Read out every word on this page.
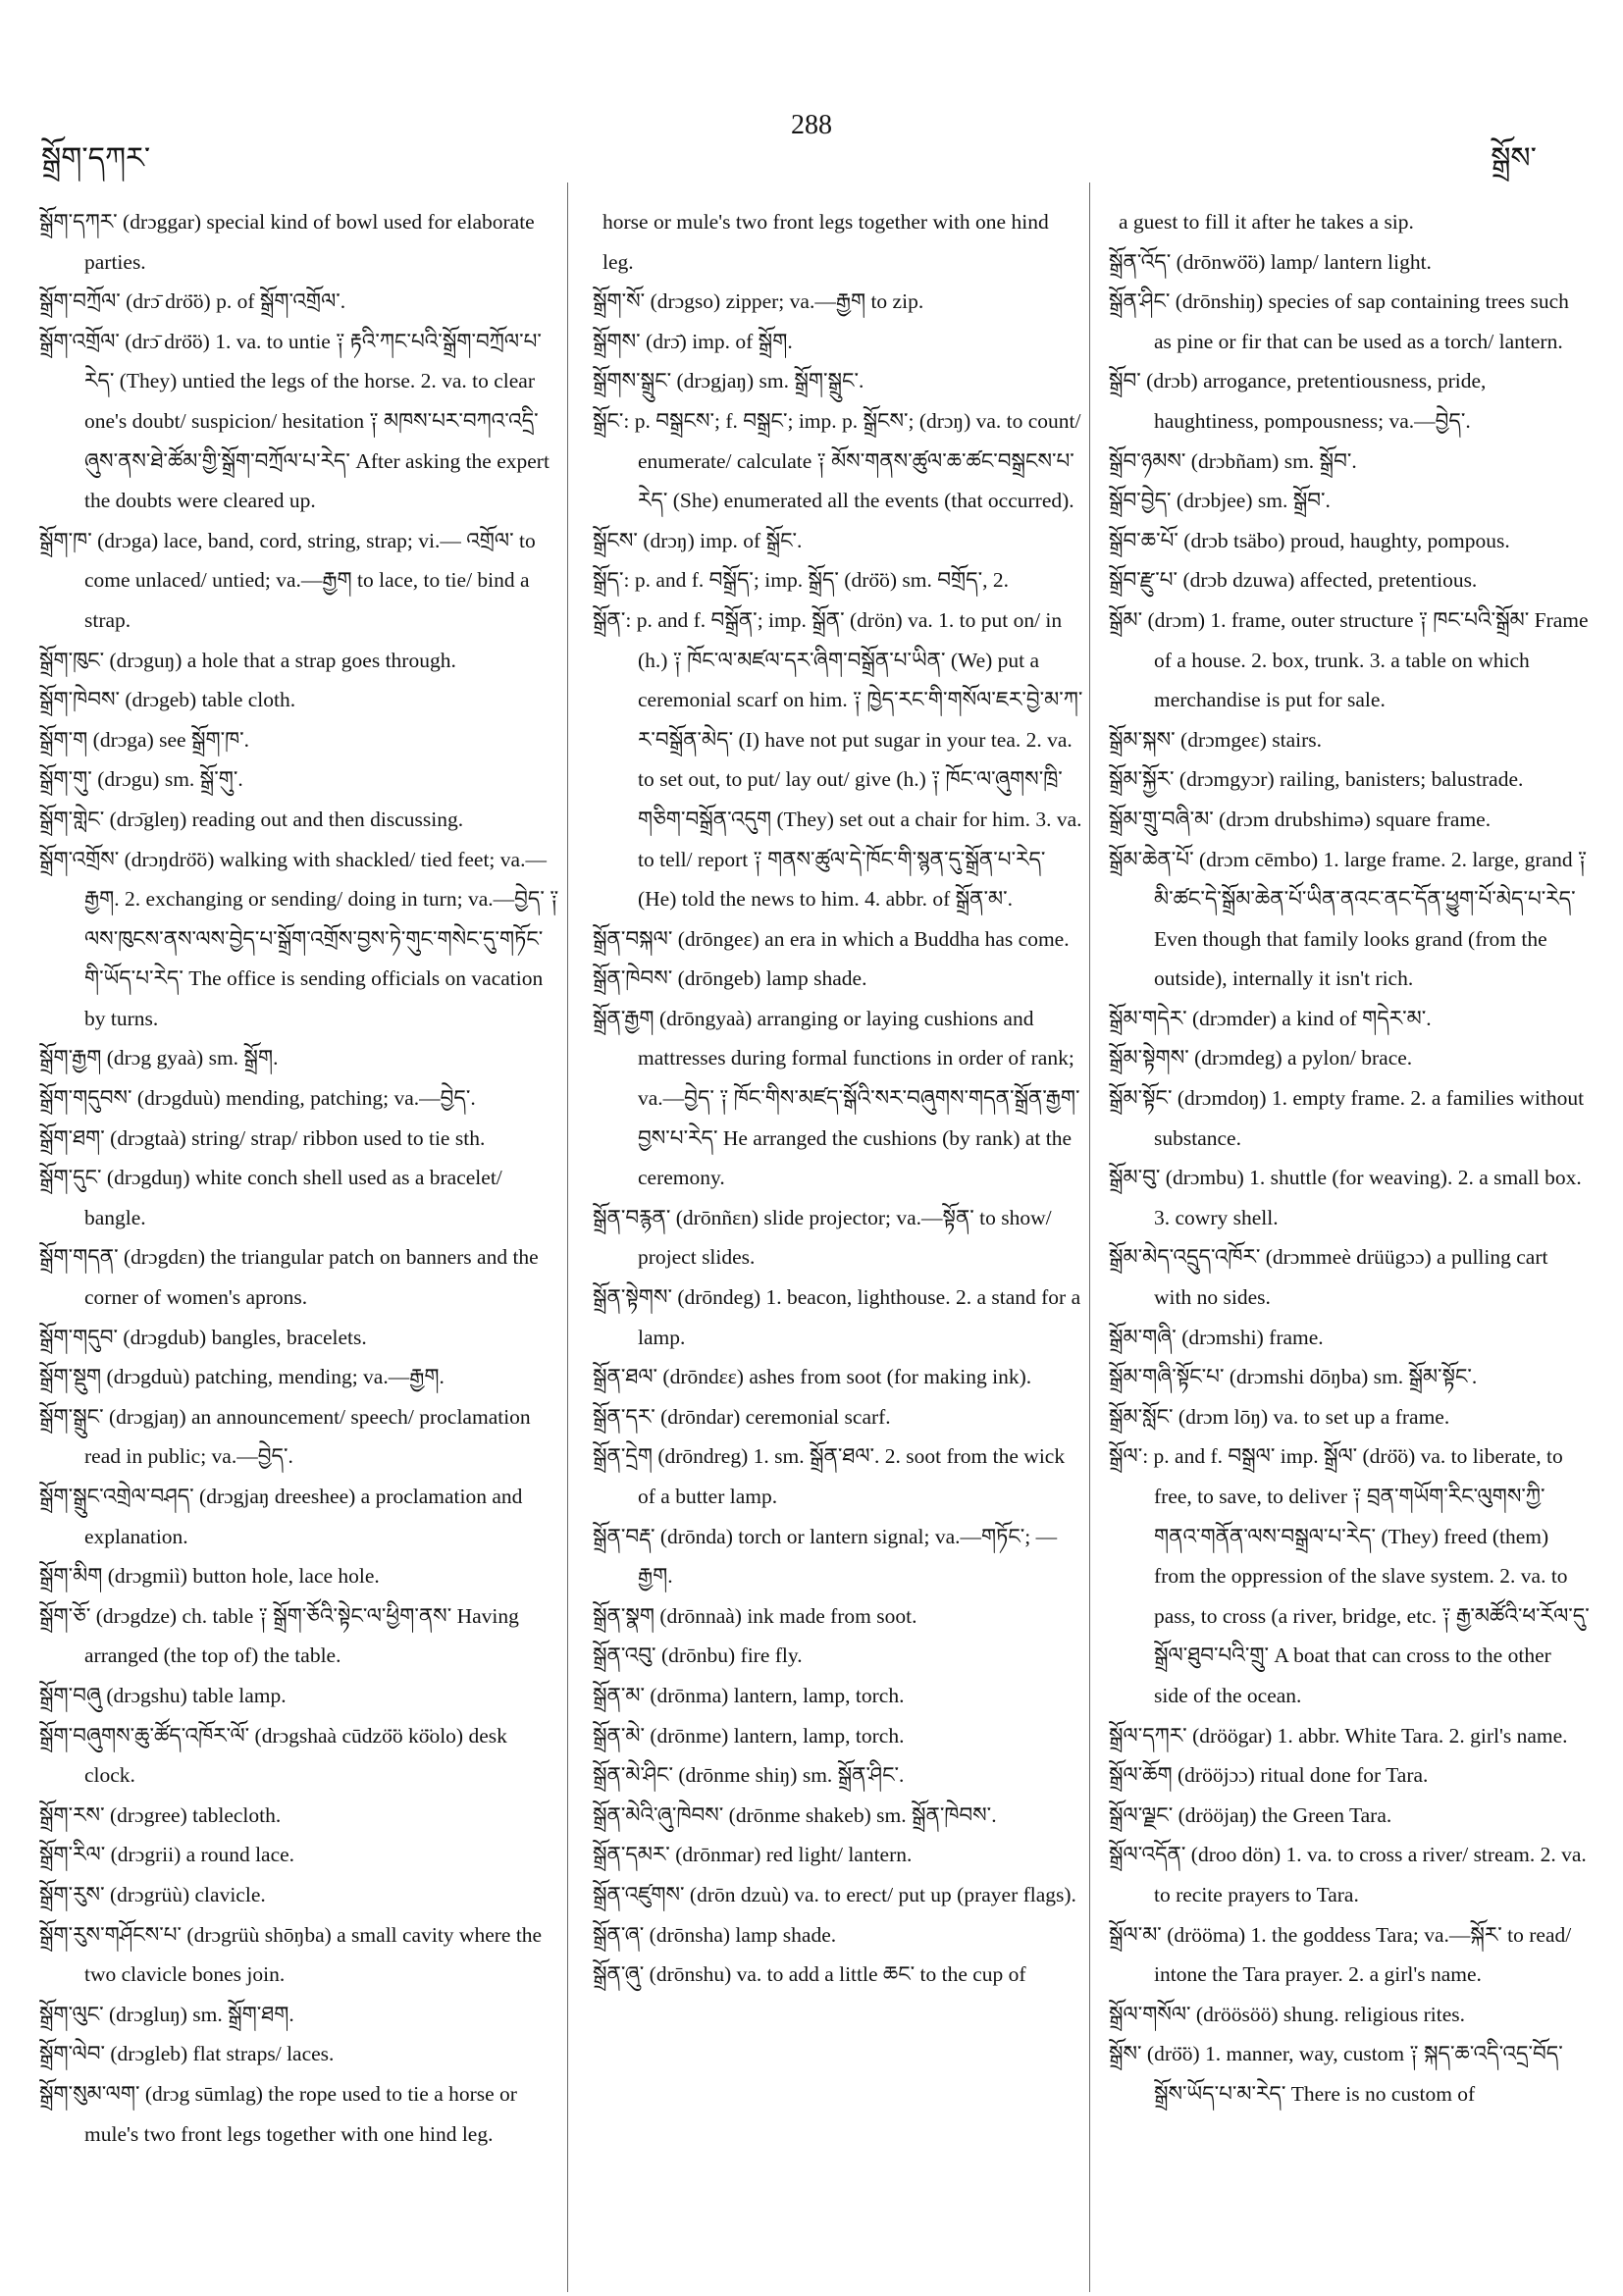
སྒྲོག་དཀར་
288
སྒྲོས་

སྒྲོག་དཀར་ (drɔggar) special kind of bowl used for elaborate parties.

སྒྲོག་བཀྲོལ་ (drɔ̄ drö̈ö) p. of སྒྲོག་འགྲོལ་.

སྒྲོག་འགྲོལ་ (drɔ̄ drö̈ö) 1. va. to untie ༑ རྟའི་ཀང་པའི་སྒྲོག་བཀྲོལ་པ་རེད་ (They) untied the legs of the horse. 2. va. to clear one's doubt/ suspicion/ hesitation ༑ མཁས་པར་བཀའ་འདྲི་ཞུས་ནས་ཐེ་ཚོམ་གྱི་སྒྲོག་བཀྲོལ་པ་རེད་ After asking the expert the doubts were cleared up.

སྒྲོག་ཁ་ (drɔga) lace, band, cord, string, strap; vi.— འགྲོལ་ to come unlaced/ untied; va.—རྒྱག to lace, to tie/ bind a strap.

སྒྲོག་ཁུང་ (drɔguŋ) a hole that a strap goes through.

སྒྲོག་ཁེབས་ (drɔgeb) table cloth.

སྒྲོག་ག (drɔga) see སྒྲོག་ཁ་.

སྒྲོག་གུ་ (drɔgu) sm. སྒྲོ་གུ་.

སྒྲོག་གླེང་ (drɔ̄gleŋ) reading out and then discussing.

སྒྲོག་འགྲོས་ (drɔŋdrö̈ö) walking with shackled/ tied feet; va.—རྒྱག. 2. exchanging or sending/ doing in turn; va.—བྱེད་ ༑ ལས་ཁུངས་ནས་ལས་བྱེད་པ་སྒྲོག་འགྲོས་བྱས་ཏེ་གུང་གསེང་དུ་གཏོང་གི་ཡོད་པ་རེད་ The office is sending officials on vacation by turns.

སྒྲོག་རྒྱག (drɔg gyaà) sm. སྒྲོག.

སྒྲོག་གདུབས་ (drɔgduù) mending, patching; va.—བྱེད་.

སྒྲོག་ཐག་ (drɔgtaà) string/ strap/ ribbon used to tie sth.

སྒྲོག་དུང་ (drɔgduŋ) white conch shell used as a bracelet/ bangle.

སྒྲོག་གདན་ (drɔgdɛn) the triangular patch on banners and the corner of women's aprons.

སྒྲོག་གདུབ་ (drɔgdub) bangles, bracelets.

སྒྲོག་སྡུག (drɔgduù) patching, mending; va.—རྒྱག.

སྒྲོག་སྒྲུང་ (drɔgjaŋ) an announcement/ speech/ proclamation read in public; va.—བྱེད་.

སྒྲོག་སྒྲུང་འགྲེལ་བཤད་ (drɔgjaŋ dreeshee) a proclamation and explanation.

སྒྲོག་མིག (drɔgmiì) button hole, lace hole.

སྒྲོག་ཅོ་ (drɔgdze) ch. table ༑ སྒྲོག་ཅོའི་སྟེང་ལ་ཕྱིག་ནས་ Having arranged (the top of) the table.

སྒྲོག་བཞུ (drɔgshu) table lamp.

སྒྲོག་བཞུགས་ཆུ་ཚོད་འཁོར་ལོ་ (drɔgshaà cūdzö̈ö kö̈olo) desk clock.

སྒྲོག་རས་ (drɔgree) tablecloth.

སྒྲོག་རིལ་ (drɔgrii) a round lace.

སྒྲོག་རུས་ (drɔgrüù) clavicle.

སྒྲོག་རུས་གཤོངས་པ་ (drɔgrüù shōŋba) a small cavity where the two clavicle bones join.

སྒྲོག་ལུང་ (drɔgluŋ) sm. སྒྲོག་ཐག.

སྒྲོག་ལེབ་ (drɔgleb) flat straps/ laces.

སྒྲོག་སུམ་ལག་ (drɔg sūmlag) the rope used to tie a horse or mule's two front legs together with one hind leg.

horse or mule's two front legs together with one hind leg.

སྒྲོག་སོ་ (drɔgso) zipper; va.—རྒྱག to zip.

སྒྲོགས་ (drɔ̄) imp. of སྒྲོག.

སྒྲོགས་སྒྲུང་ (drɔgjaŋ) sm. སྒྲོག་སྒྲུང་.

སྒྲོང་: p. བསྒྲངས་; f. བསྒྲང་; imp. p. སྒྲོངས་; (drɔŋ) va. to count/ enumerate/ calculate ༑ མོས་གནས་ཚུལ་ཆ་ཚང་བསྒྲངས་པ་རེད་ (She) enumerated all the events (that occurred).

སྒྲོངས་ (drɔŋ) imp. of སྒྲོང་.

སྒྲོད་: p. and f. བསྒྲོད་; imp. སྒྲོད་ (drö̈ö) sm. བགྲོད་, 2.

སྒྲོན་: p. and f. བསྒྲོན་; imp. སྒྲོན་ (drön) va. 1. to put on/ in (h.) ༑ ཁོང་ལ་མཛལ་དར་ཞིག་བསྒྲོན་པ་ཡིན་ (We) put a ceremonial scarf on him. ༑ ཁྱེད་རང་གི་གསོལ་ཇར་བྱེ་མ་ཀ་ར་བསྒྲོན་མེད་ (I) have not put sugar in your tea. 2. va. to set out, to put/ lay out/ give (h.) ༑ ཁོང་ལ་ཞུགས་ཁྲི་གཅིག་བསྒྲོན་འདུག (They) set out a chair for him. 3. va. to tell/ report ༑ གནས་ཚུལ་དེ་ཁོང་གི་སྙན་དུ་སྒྲོན་པ་རེད་ (He) told the news to him. 4. abbr. of སྒྲོན་མ་.

སྒྲོན་བསྐལ་ (drōngeɛ) an era in which a Buddha has come.

སྒྲོན་ཁེབས་ (drōngeb) lamp shade.

སྒྲོན་རྒྱག (drōngyaà) arranging or laying cushions and mattresses during formal functions in order of rank; va.—བྱེད་ ༑ ཁོང་གིས་མཛད་སྒོའི་སར་བཞུགས་གདན་སྒྲོན་རྒྱག་བྱས་པ་རེད་ He arranged the cushions (by rank) at the ceremony.

སྒྲོན་བརྙན་ (drōnñɛn) slide projector; va.—སྟོན་ to show/ project slides.

སྒྲོན་སྟེགས་ (drōndeg) 1. beacon, lighthouse. 2. a stand for a lamp.

སྒྲོན་ཐལ་ (drōndɛɛ) ashes from soot (for making ink).

སྒྲོན་དར་ (drōndar) ceremonial scarf.

སྒྲོན་དྲེག (drōndreg) 1. sm. སྒྲོན་ཐལ་. 2. soot from the wick of a butter lamp.

སྒྲོན་བརྡ་ (drōnda) torch or lantern signal; va.—གཏོང་; —རྒྱག.

སྒྲོན་སྣག (drōnnaà) ink made from soot.

སྒྲོན་འབུ་ (drōnbu) fire fly.

སྒྲོན་མ་ (drōnma) lantern, lamp, torch.

སྒྲོན་མེ་ (drōnme) lantern, lamp, torch.

སྒྲོན་མེ་ཤིང་ (drōnme shiŋ) sm. སྒྲོན་ཤིང་.

སྒྲོན་མེའི་ཞུ་ཁེབས་ (drōnme shakeb) sm. སྒྲོན་ཁེབས་.

སྒྲོན་དམར་ (drōnmar) red light/ lantern.

སྒྲོན་འཛུགས་ (drōn dzuù) va. to erect/ put up (prayer flags).

སྒྲོན་ཞ་ (drōnsha) lamp shade.

སྒྲོན་ཞུ་ (drōnshu) va. to add a little ཆང་ to the cup of

a guest to fill it after he takes a sip.

སྒྲོན་འོད་ (drōnwö̈ö) lamp/ lantern light.

སྒྲོན་ཤིང་ (drōnshiŋ) species of sap containing trees such as pine or fir that can be used as a torch/ lantern.

སྒྲོབ་ (drɔb) arrogance, pretentiousness, pride, haughtiness, pompousness; va.—བྱེད་.

སྒྲོབ་ཉམས་ (drɔbñam) sm. སྒྲོབ་.

སྒྲོབ་བྱེད་ (drɔbjee) sm. སྒྲོབ་.

སྒྲོབ་ཆ་པོ་ (drɔb tsäbo) proud, haughty, pompous.

སྒྲོབ་རྫུ་པ་ (drɔb dzuwa) affected, pretentious.

སྒྲོམ་ (drɔm) 1. frame, outer structure ༑ ཁང་པའི་སྒྲོམ་ Frame of a house. 2. box, trunk. 3. a table on which merchandise is put for sale.

སྒྲོམ་སྐས་ (drɔmgeɛ) stairs.

སྒྲོམ་སྐྱོར་ (drɔmgyɔr) railing, banisters; balustrade.

སྒྲོམ་གྲུ་བཞི་མ་ (drɔm drubshimə) square frame.

སྒྲོམ་ཆེན་པོ་ (drɔm cēmbo) 1. large frame. 2. large, grand ༑ མི་ཚང་དེ་སྒྲོམ་ཆེན་པོ་ཡིན་ནའང་ནང་དོན་ཕྱུག་པོ་མེད་པ་རེད་ Even though that family looks grand (from the outside), internally it isn't rich.

སྒྲོམ་གདེར་ (drɔmder) a kind of གདེར་མ་.

སྒྲོམ་སྟེགས་ (drɔmdeg) a pylon/ brace.

སྒྲོམ་སྟོང་ (drɔmdoŋ) 1. empty frame. 2. a families without substance.

སྒྲོམ་བུ་ (drɔmbu) 1. shuttle (for weaving). 2. a small box. 3. cowry shell.

སྒྲོམ་མེད་འདྲུད་འཁོར་ (drɔmmeè drüügɔɔ) a pulling cart with no sides.

སྒྲོམ་གཞི་ (drɔmshi) frame.

སྒྲོམ་གཞི་སྟོང་པ་ (drɔmshi dōŋba) sm. སྒྲོམ་སྟོང་.

སྒྲོམ་སློང་ (drɔm lōŋ) va. to set up a frame.

སྒྲོལ་: p. and f. བསྒྲལ་ imp. སྒྲོལ་ (drö̈ö) va. to liberate, to free, to save, to deliver ༑ བྲན་གཡོག་རིང་ལུགས་ཀྱི་གནའ་གནོན་ལས་བསྒྲལ་པ་རེད་ (They) freed (them) from the oppression of the slave system. 2. va. to pass, to cross (a river, bridge, etc. ༑ རྒྱ་མཚོའི་ཕ་རོལ་དུ་སྒྲོལ་ཐུབ་པའི་གྲུ་ A boat that can cross to the other side of the ocean.

སྒྲོལ་དཀར་ (dröögar) 1. abbr. White Tara. 2. girl's name.

སྒྲོལ་ཆོག (drööjɔɔ) ritual done for Tara.

སྒྲོལ་ལྗང་ (drööjaŋ) the Green Tara.

སྒྲོལ་འདོན་ (droo dön) 1. va. to cross a river/ stream. 2. va. to recite prayers to Tara.

སྒྲོལ་མ་ (drööma) 1. the goddess Tara; va.—སྐོར་ to read/ intone the Tara prayer. 2. a girl's name.

སྒྲོལ་གསོལ་ (dröösöö) shung. religious rites.

སྒྲོས་ (drö̈ö) 1. manner, way, custom ༑ སྐད་ཆ་འདི་འདྲ་བོད་སྒྲོས་ཡོད་པ་མ་རེད་ There is no custom of
